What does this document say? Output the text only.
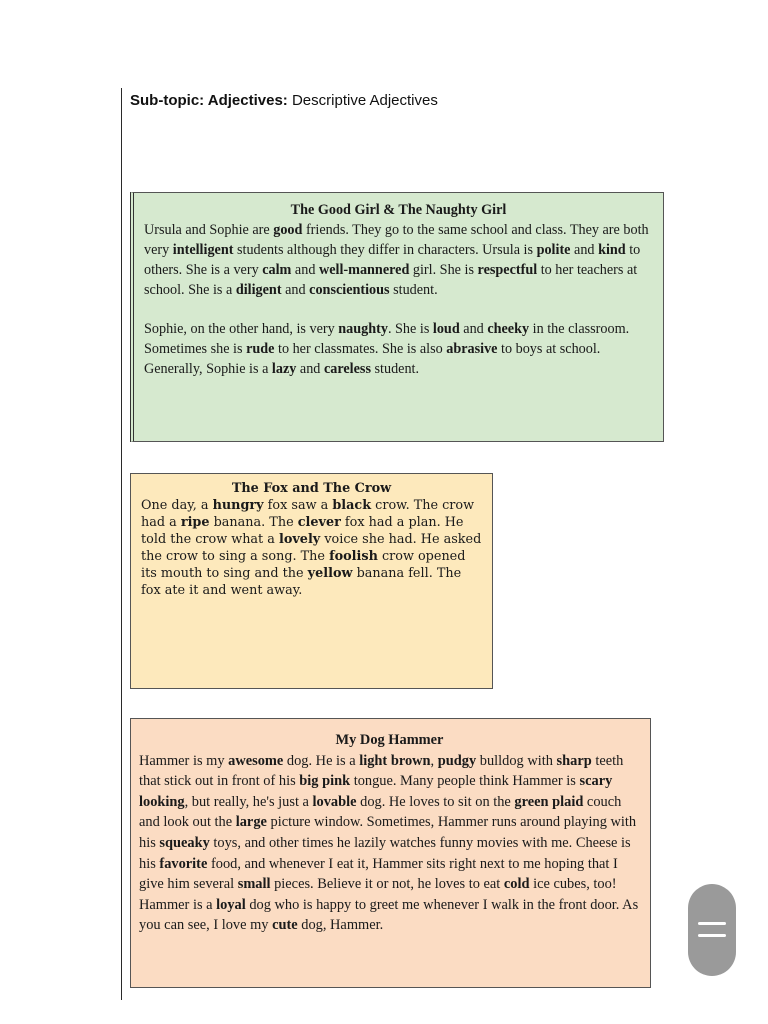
Sub-topic: Adjectives: Descriptive Adjectives
The Good Girl & The Naughty Girl

Ursula and Sophie are good friends. They go to the same school and class. They are both very intelligent students although they differ in characters. Ursula is polite and kind to others. She is a very calm and well-mannered girl. She is respectful to her teachers at school. She is a diligent and conscientious student.

Sophie, on the other hand, is very naughty. She is loud and cheeky in the classroom. Sometimes she is rude to her classmates. She is also abrasive to boys at school. Generally, Sophie is a lazy and careless student.

The Fox and The Crow

One day, a hungry fox saw a black crow. The crow had a ripe banana. The clever fox had a plan. He told the crow what a lovely voice she had. He asked the crow to sing a song. The foolish crow opened its mouth to sing and the yellow banana fell. The fox ate it and went away.

My Dog Hammer

Hammer is my awesome dog. He is a light brown, pudgy bulldog with sharp teeth that stick out in front of his big pink tongue. Many people think Hammer is scary looking, but really, he's just a lovable dog. He loves to sit on the green plaid couch and look out the large picture window. Sometimes, Hammer runs around playing with his squeaky toys, and other times he lazily watches funny movies with me. Cheese is his favorite food, and whenever I eat it, Hammer sits right next to me hoping that I give him several small pieces. Believe it or not, he loves to eat cold ice cubes, too! Hammer is a loyal dog who is happy to greet me whenever I walk in the front door. As you can see, I love my cute dog, Hammer.
